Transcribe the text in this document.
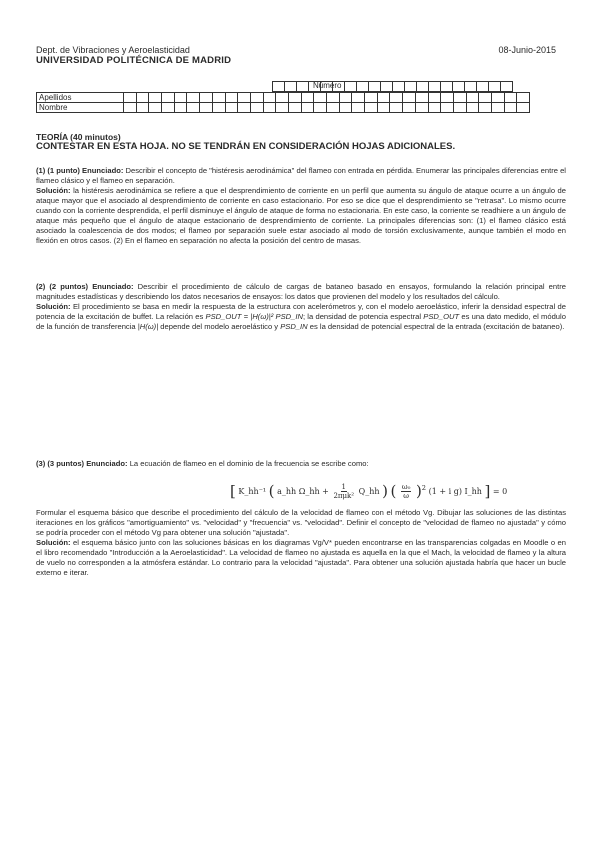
Dept. de Vibraciones y Aeroelasticidad	08-Junio-2015
UNIVERSIDAD POLITÉCNICA DE MADRID
Número

Apellidos																																
Nombre																																
TEORÍA (40 minutos)
CONTESTAR EN ESTA HOJA. NO SE TENDRÁN EN CONSIDERACIÓN HOJAS ADICIONALES.
(1) (1 punto) Enunciado: Describir el concepto de "histéresis aerodinámica" del flameo con entrada en pérdida. Enumerar las principales diferencias entre el flameo clásico y el flameo en separación.
Solución: la histéresis aerodinámica se refiere a que el desprendimiento de corriente en un perfil que aumenta su ángulo de ataque ocurre a un ángulo de ataque mayor que el asociado al desprendimiento de corriente en caso estacionario. Por eso se dice que el desprendimiento se "retrasa". Lo mismo ocurre cuando con la corriente desprendida, el perfil disminuye el ángulo de ataque de forma no estacionaria. En este caso, la corriente se readhiere a un ángulo de ataque más pequeño que el ángulo de ataque estacionario de desprendimiento de corriente. La principales diferencias son: (1) el flameo clásico está asociado la coalescencia de dos modos; el flameo por separación suele estar asociado al modo de torsión exclusivamente, aunque también el modo en flexión en otros casos. (2) En el flameo en separación no afecta la posición del centro de masas.
(2) (2 puntos) Enunciado: Describir el procedimiento de cálculo de cargas de bataneo basado en ensayos, formulando la relación principal entre magnitudes estadísticas y describiendo los datos necesarios de ensayos: los datos que provienen del modelo y los resultados del cálculo.
Solución: El procedimiento se basa en medir la respuesta de la estructura con acelerómetros y, con el modelo aeroelástico, inferir la densidad espectral de potencia de la excitación de buffet. La relación es PSD_OUT = |H(ω)|² PSD_IN; la densidad de potencia espectral PSD_OUT es una dato medido, el módulo de la función de transferencia |H(ω)| depende del modelo aeroelástico y PSD_IN es la densidad de potencial espectral de la entrada (excitación de bataneo).
(3) (3 puntos) Enunciado: La ecuación de flameo en el dominio de la frecuencia se escribe como:
[ K_hh⁻¹ ( a_hh Ω_hh + $\frac{1}{\text{2πμk²}}$ Q_hh ) ( $\frac{\text{ω₀}}{\omega} )^2$ (1 + i g) I_hh ] = 0
Formular el esquema básico que describe el procedimiento del cálculo de la velocidad de flameo con el método Vg. Dibujar las soluciones de las distintas iteraciones en los gráficos "amortiguamiento" vs. "velocidad" y "frecuencia" vs. "velocidad". Definir el concepto de "velocidad de flameo no ajustada" y cómo se podría proceder con el método Vg para obtener una solución "ajustada".
Solución: el esquema básico junto con las soluciones básicas en los diagramas Vg/V* pueden encontrarse en las transparencias colgadas en Moodle o en el libro recomendado "Introducción a la Aeroelasticidad". La velocidad de flameo no ajustada es aquella en la que el Mach, la velocidad de flameo y la altura de vuelo no corresponden a la atmósfera estándar. Lo contrario para la velocidad "ajustada". Para obtener una solución ajustada habría que hacer un bucle externo e iterar.
